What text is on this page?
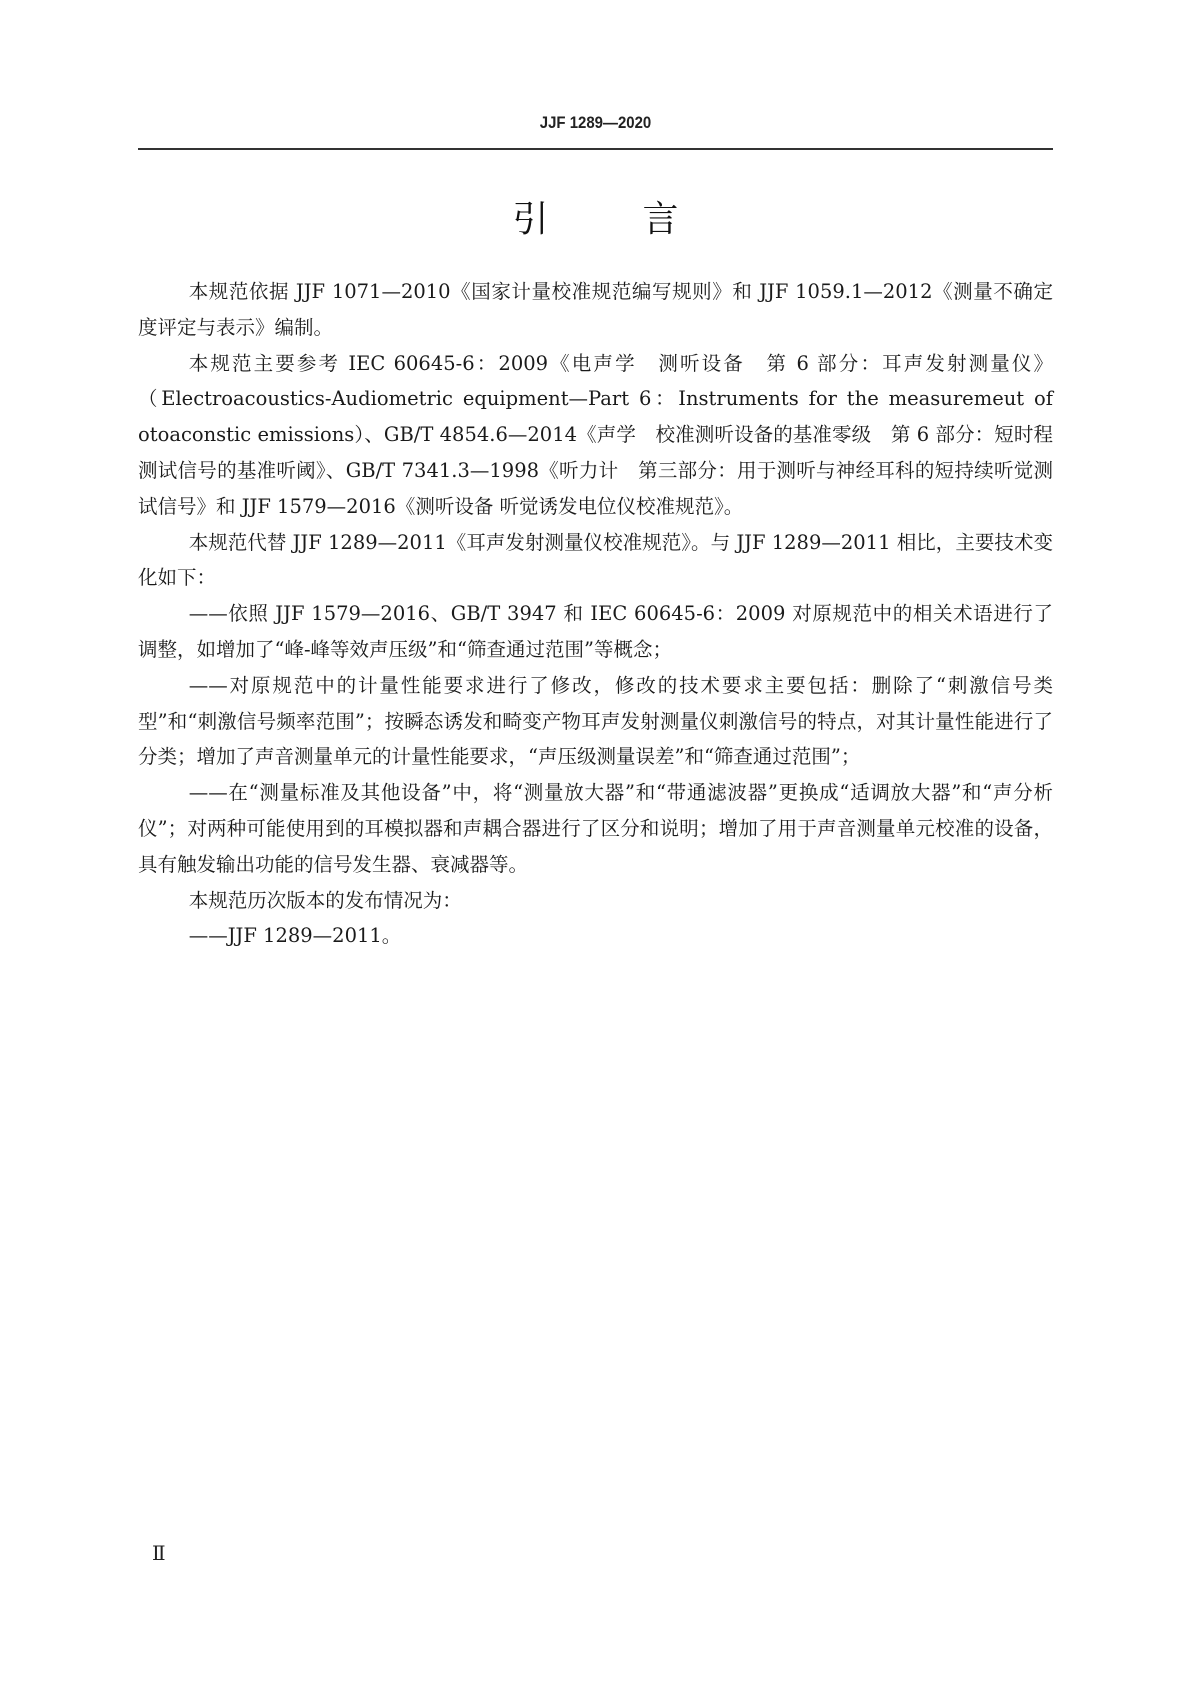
JJF 1289—2020
引	言

本规范依据 JJF 1071—2010《国家计量校准规范编写规则》和 JJF 1059.1—2012《测量不确定度评定与表示》编制。

本规范主要参考 IEC 60645-6：2009《电声学　测听设备　第 6 部分：耳声发射测量仪》（Electroacoustics-Audiometric equipment—Part 6：Instruments for the measuremeut of otoaconstic emissions）、GB/T 4854.6—2014《声学　校准测听设备的基准零级　第 6 部分：短时程测试信号的基准听阈》、GB/T 7341.3—1998《听力计　第三部分：用于测听与神经耳科的短持续听觉测试信号》和 JJF 1579—2016《测听设备 听觉诱发电位仪校准规范》。

本规范代替 JJF 1289—2011《耳声发射测量仪校准规范》。与 JJF 1289—2011 相比，主要技术变化如下：

——依照 JJF 1579—2016、GB/T 3947 和 IEC 60645-6：2009 对原规范中的相关术语进行了调整，如增加了“峰-峰等效声压级”和“筛查通过范围”等概念；

——对原规范中的计量性能要求进行了修改，修改的技术要求主要包括：删除了“刺激信号类型”和“刺激信号频率范围”；按瞬态诱发和畸变产物耳声发射测量仪刺激信号的特点，对其计量性能进行了分类；增加了声音测量单元的计量性能要求，“声压级测量误差”和“筛查通过范围”；

——在“测量标准及其他设备”中，将“测量放大器”和“带通滤波器”更换成“适调放大器”和“声分析仪”；对两种可能使用到的耳模拟器和声耦合器进行了区分和说明；增加了用于声音测量单元校准的设备，具有触发输出功能的信号发生器、衰减器等。

本规范历次版本的发布情况为：

——JJF 1289—2011。

Ⅱ
